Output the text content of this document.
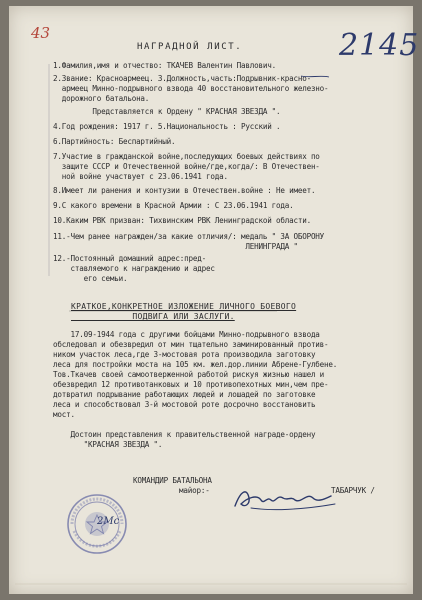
43	2145
НАГРАДНОЙ ЛИСТ.
1.Фамилия,имя и отчество: ТКАЧЕВ Валентин Павлович.
2.Звание: Красноармеец. 3.Должность,часть:Подрывник-красно-
армеец Минно-подрывного взвода 40 восстановительного железно-
дорожного батальона.
Представляется к Ордену " КРАСНАЯ ЗВЕЗДА ".
4.Год рождения: 1917 г. 5.Национальность : Русский .
6.Партийность: Беспартийный.
7.Участие в гражданской войне,последующих боевых действиях по
защите СССР и Отечественной войне/где,когда/: В Отечествен-
ной войне участвует с 23.06.1941 года.
8.Имеет ли ранения и контузии в Отечествен.войне : Не имеет.
9.С какого времени в Красной Армии : С 23.06.1941 года.
10.Каким РВК призван: Тихвинским РВК Ленинградской области.
11.-Чем ранее награжден/за какие отличия/: медаль " ЗА ОБОРОНУ
ЛЕНИНГРАДА "
12.-Постоянный домашний адрес:пред-
ставляемого к награждению и адрес
его семьи.
КРАТКОЕ,КОНКРЕТНОЕ ИЗЛОЖЕНИЕ ЛИЧНОГО БОЕВОГО
ПОДВИГА ИЛИ ЗАСЛУГИ.
17.09-1944 года с другими бойцами Минно-подрывного взвода
обследовал и обезвредил от мин тщательно заминированный против-
ником участок леса,где 3-мостовая рота производила заготовку
леса для постройки моста на 105 км. жел.дор.линии Абрене-Гулбене.
Тов.Ткачев своей самоотверженной работой рискуя жизнью нашел и
обезвредил 12 противотанковых и 10 противопехотных мин,чем пре-
дотвратил подрывание работающих людей и лошадей по заготовке
леса и способствовал 3-й мостовой роте досрочно восстановить
мост.
Достоин представления к правительственной награде-ордену
"КРАСНАЯ ЗВЕЗДА ".
КОМАНДИР БАТАЛЬОНА
майор:-	ТАБАРЧУК /
2Мс
